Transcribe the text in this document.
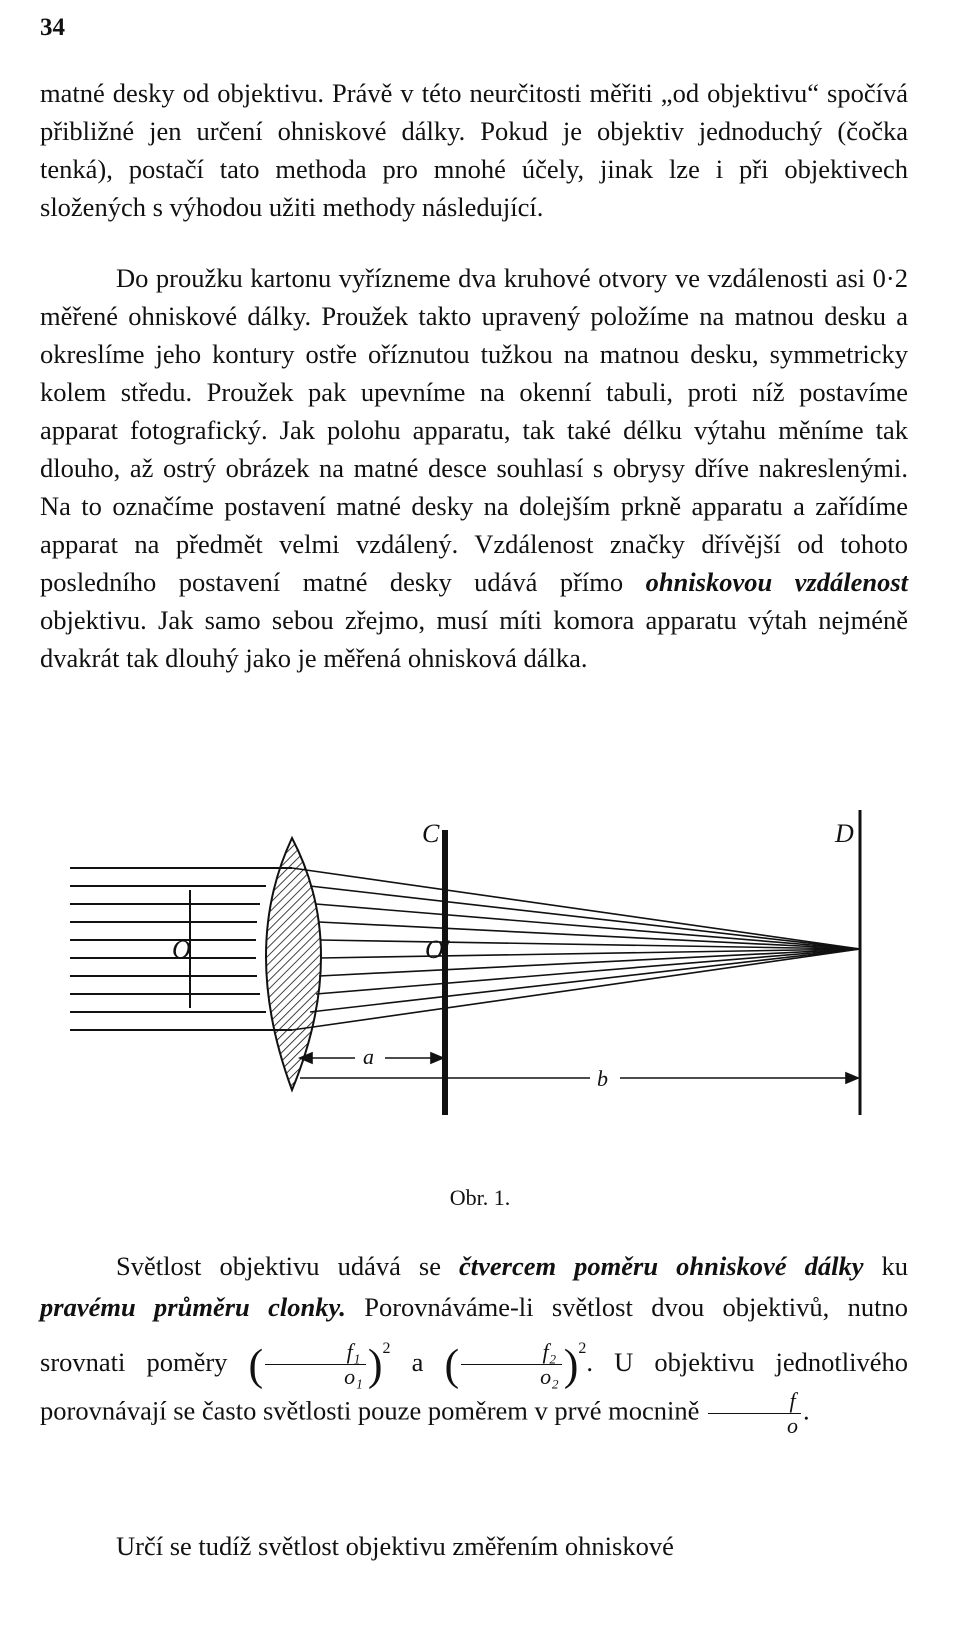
34

matné desky od objektivu. Právě v této neurčitosti měřiti „od objektivu“ spočívá přibližné jen určení ohniskové dálky. Pokud je objektiv jednoduchý (čočka tenká), postačí tato methoda pro mnohé účely, jinak lze i při objektivech složených s výhodou užiti methody následující.

Do proužku kartonu vyřízneme dva kruhové otvory ve vzdálenosti asi 0·2 měřené ohniskové dálky. Proužek takto upravený položíme na matnou desku a okreslíme jeho kontury ostře oříznutou tužkou na matnou desku, symmetricky kolem středu. Proužek pak upevníme na okenní tabuli, proti níž postavíme apparat fotografický. Jak polohu apparatu, tak také délku výtahu měníme tak dlouho, až ostrý obrázek na matné desce souhlasí s obrysy dříve nakreslenými. Na to označíme postavení matné desky na dolejším prkně apparatu a zařídíme apparat na předmět velmi vzdálený. Vzdálenost značky dřívější od tohoto posledního postavení matné desky udává přímo ohniskovou vzdálenost objektivu. Jak samo sebou zřejmo, musí míti komora apparatu výtah nejméně dvakrát tak dlouhý jako je měřená ohnisková dálka.

O	O′
C	D
a
b
Obr. 1.

Světlost objektivu udává se čtvercem poměru ohniskové dálky ku pravému průměru clonky. Porovnáváme-li světlost dvou objektivů, nutno srovnati poměry ( $\frac{\text{f₁}}{\text{o₁}} )^2$ a ( $\frac{\text{f₂}}{\text{o₂}} )^2$. U objektivu jednotlivého porovnávají se často světlosti pouze poměrem v prvé mocnině $\frac{f}{o}$ .

Určí se tudíž světlost objektivu změřením ohniskové
